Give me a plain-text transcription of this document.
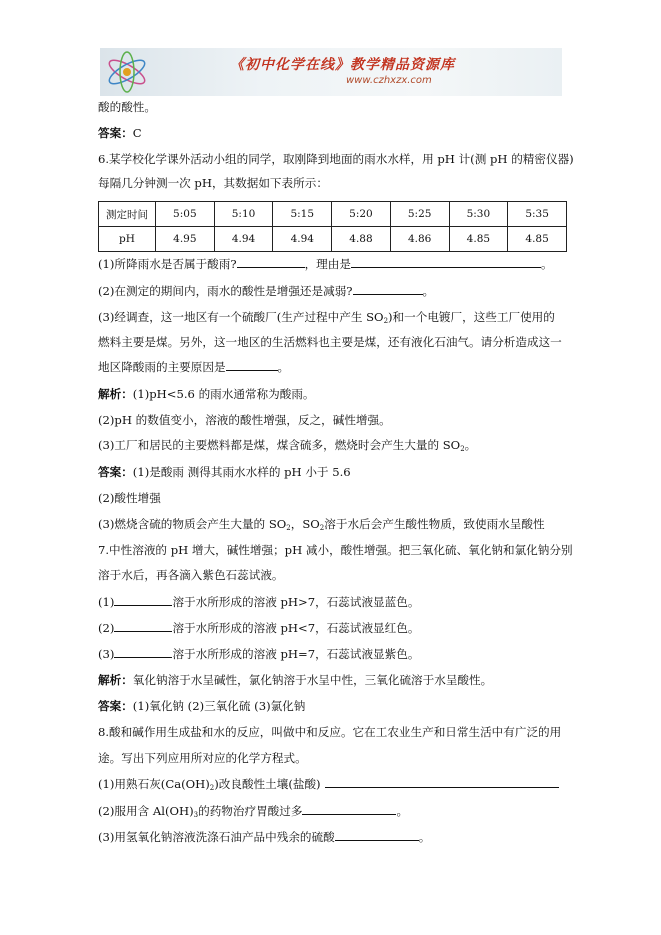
《初中化学在线》教学精品资源库
www.czhxzx.com
酸的酸性。
答案：C
6.某学校化学课外活动小组的同学，取刚降到地面的雨水水样，用 pH 计(测 pH 的精密仪器)
每隔几分钟测一次 pH，其数据如下表所示：
测定时间	5:05	5:10	5:15	5:20	5:25	5:30	5:35
pH	4.95	4.94	4.94	4.88	4.86	4.85	4.85
(1)所降雨水是否属于酸雨?	，理由是	。
(2)在测定的期间内，雨水的酸性是增强还是减弱?	。
(3)经调查，这一地区有一个硫酸厂(生产过程中产生 $SO_2$)和一个电镀厂，这些工厂使用的
燃料主要是煤。另外，这一地区的生活燃料也主要是煤，还有液化石油气。请分析造成这一
地区降酸雨的主要原因是	。
解析：(1)pH<5.6 的雨水通常称为酸雨。
(2)pH 的数值变小，溶液的酸性增强，反之，碱性增强。
(3)工厂和居民的主要燃料都是煤，煤含硫多，燃烧时会产生大量的 $SO_2$。
答案：(1)是酸雨 测得其雨水水样的 pH 小于 5.6
(2)酸性增强
(3)燃烧含硫的物质会产生大量的 $SO_2$，$SO_2$溶于水后会产生酸性物质，致使雨水呈酸性
7.中性溶液的 pH 增大，碱性增强；pH 减小，酸性增强。把三氧化硫、氧化钠和氯化钠分别
溶于水后，再各滴入紫色石蕊试液。
(1)	溶于水所形成的溶液 pH>7，石蕊试液显蓝色。
(2)	溶于水所形成的溶液 pH<7，石蕊试液显红色。
(3)	溶于水所形成的溶液 pH=7，石蕊试液显紫色。
解析：氧化钠溶于水呈碱性，氯化钠溶于水呈中性，三氧化硫溶于水呈酸性。
答案：(1)氧化钠 (2)三氧化硫 (3)氯化钠
8.酸和碱作用生成盐和水的反应，叫做中和反应。它在工农业生产和日常生活中有广泛的用
途。写出下列应用所对应的化学方程式。
(1)用熟石灰$(Ca(OH)_2)$改良酸性土壤(盐酸)
(2)服用含 $Al(OH)_3$的药物治疗胃酸过多	。
(3)用氢氧化钠溶液洗涤石油产品中残余的硫酸	。
